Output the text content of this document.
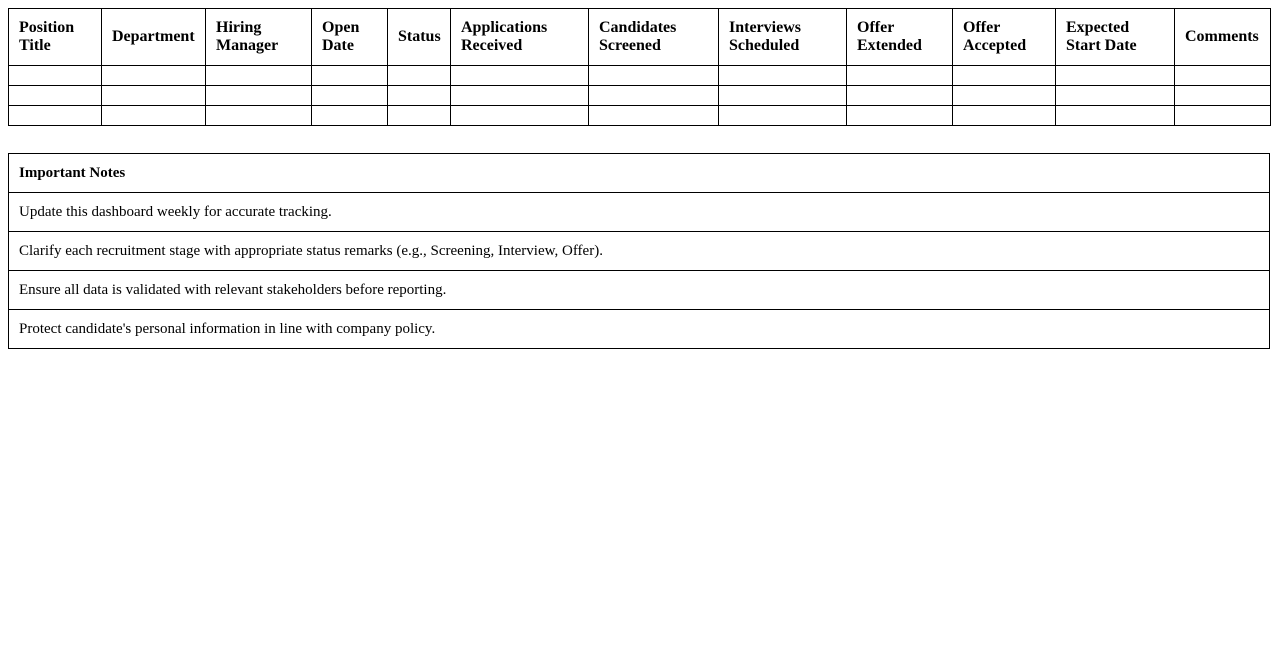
Position Title	Department	Hiring Manager	Open Date	Status	Applications Received	Candidates Screened	Interviews Scheduled	Offer Extended	Offer Accepted	Expected Start Date	Comments

Important Notes
Update this dashboard weekly for accurate tracking.
Clarify each recruitment stage with appropriate status remarks (e.g., Screening, Interview, Offer).
Ensure all data is validated with relevant stakeholders before reporting.
Protect candidate's personal information in line with company policy.
